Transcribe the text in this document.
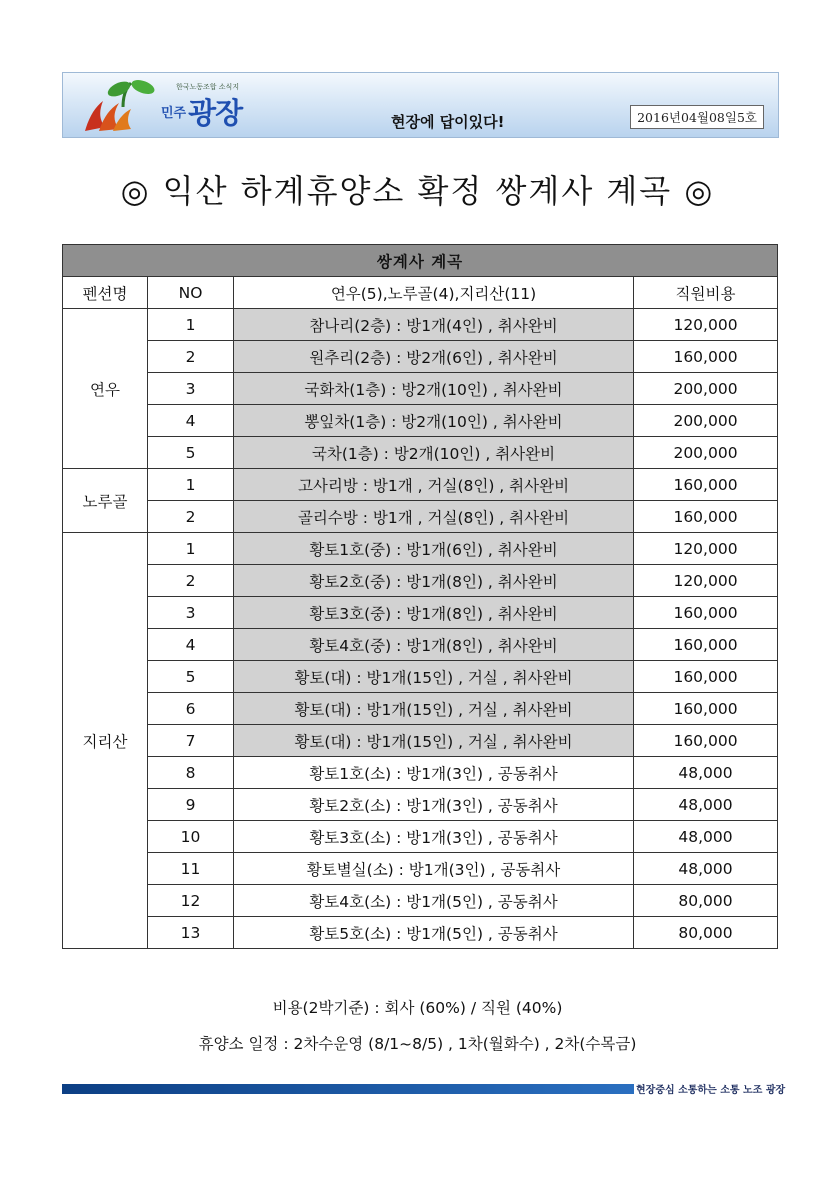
한국노동조합 소식지
$^{민주}$광장	현장에 답이있다!	2016년04월08일5호
◎ 익산 하계휴양소 확정 쌍계사 계곡 ◎
쌍계사 계곡			
펜션명	NO	연우(5),노루골(4),지리산(11)	직원비용
연우	1	참나리(2층) : 방1개(4인) , 취사완비	120,000
	2	원추리(2층) : 방2개(6인) , 취사완비	160,000
	3	국화차(1층) : 방2개(10인) , 취사완비	200,000
	4	뽕잎차(1층) : 방2개(10인) , 취사완비	200,000
	5	국차(1층) : 방2개(10인) , 취사완비	200,000
노루골	1	고사리방 : 방1개 , 거실(8인) , 취사완비	160,000
	2	골리수방 : 방1개 , 거실(8인) , 취사완비	160,000
지리산	1	황토1호(중) : 방1개(6인) , 취사완비	120,000
	2	황토2호(중) : 방1개(8인) , 취사완비	120,000
	3	황토3호(중) : 방1개(8인) , 취사완비	160,000
	4	황토4호(중) : 방1개(8인) , 취사완비	160,000
	5	황토(대) : 방1개(15인) , 거실 , 취사완비	160,000
	6	황토(대) : 방1개(15인) , 거실 , 취사완비	160,000
	7	황토(대) : 방1개(15인) , 거실 , 취사완비	160,000
	8	황토1호(소) : 방1개(3인) , 공동취사	48,000
	9	황토2호(소) : 방1개(3인) , 공동취사	48,000
	10	황토3호(소) : 방1개(3인) , 공동취사	48,000
	11	황토별실(소) : 방1개(3인) , 공동취사	48,000
	12	황토4호(소) : 방1개(5인) , 공동취사	80,000
	13	황토5호(소) : 방1개(5인) , 공동취사	80,000
비용(2박기준) : 회사 (60%) / 직원 (40%)
휴양소 일정 : 2차수운영 (8/1~8/5) , 1차(월화수) , 2차(수목금)
현장중심 소통하는 소통 노조 광장
